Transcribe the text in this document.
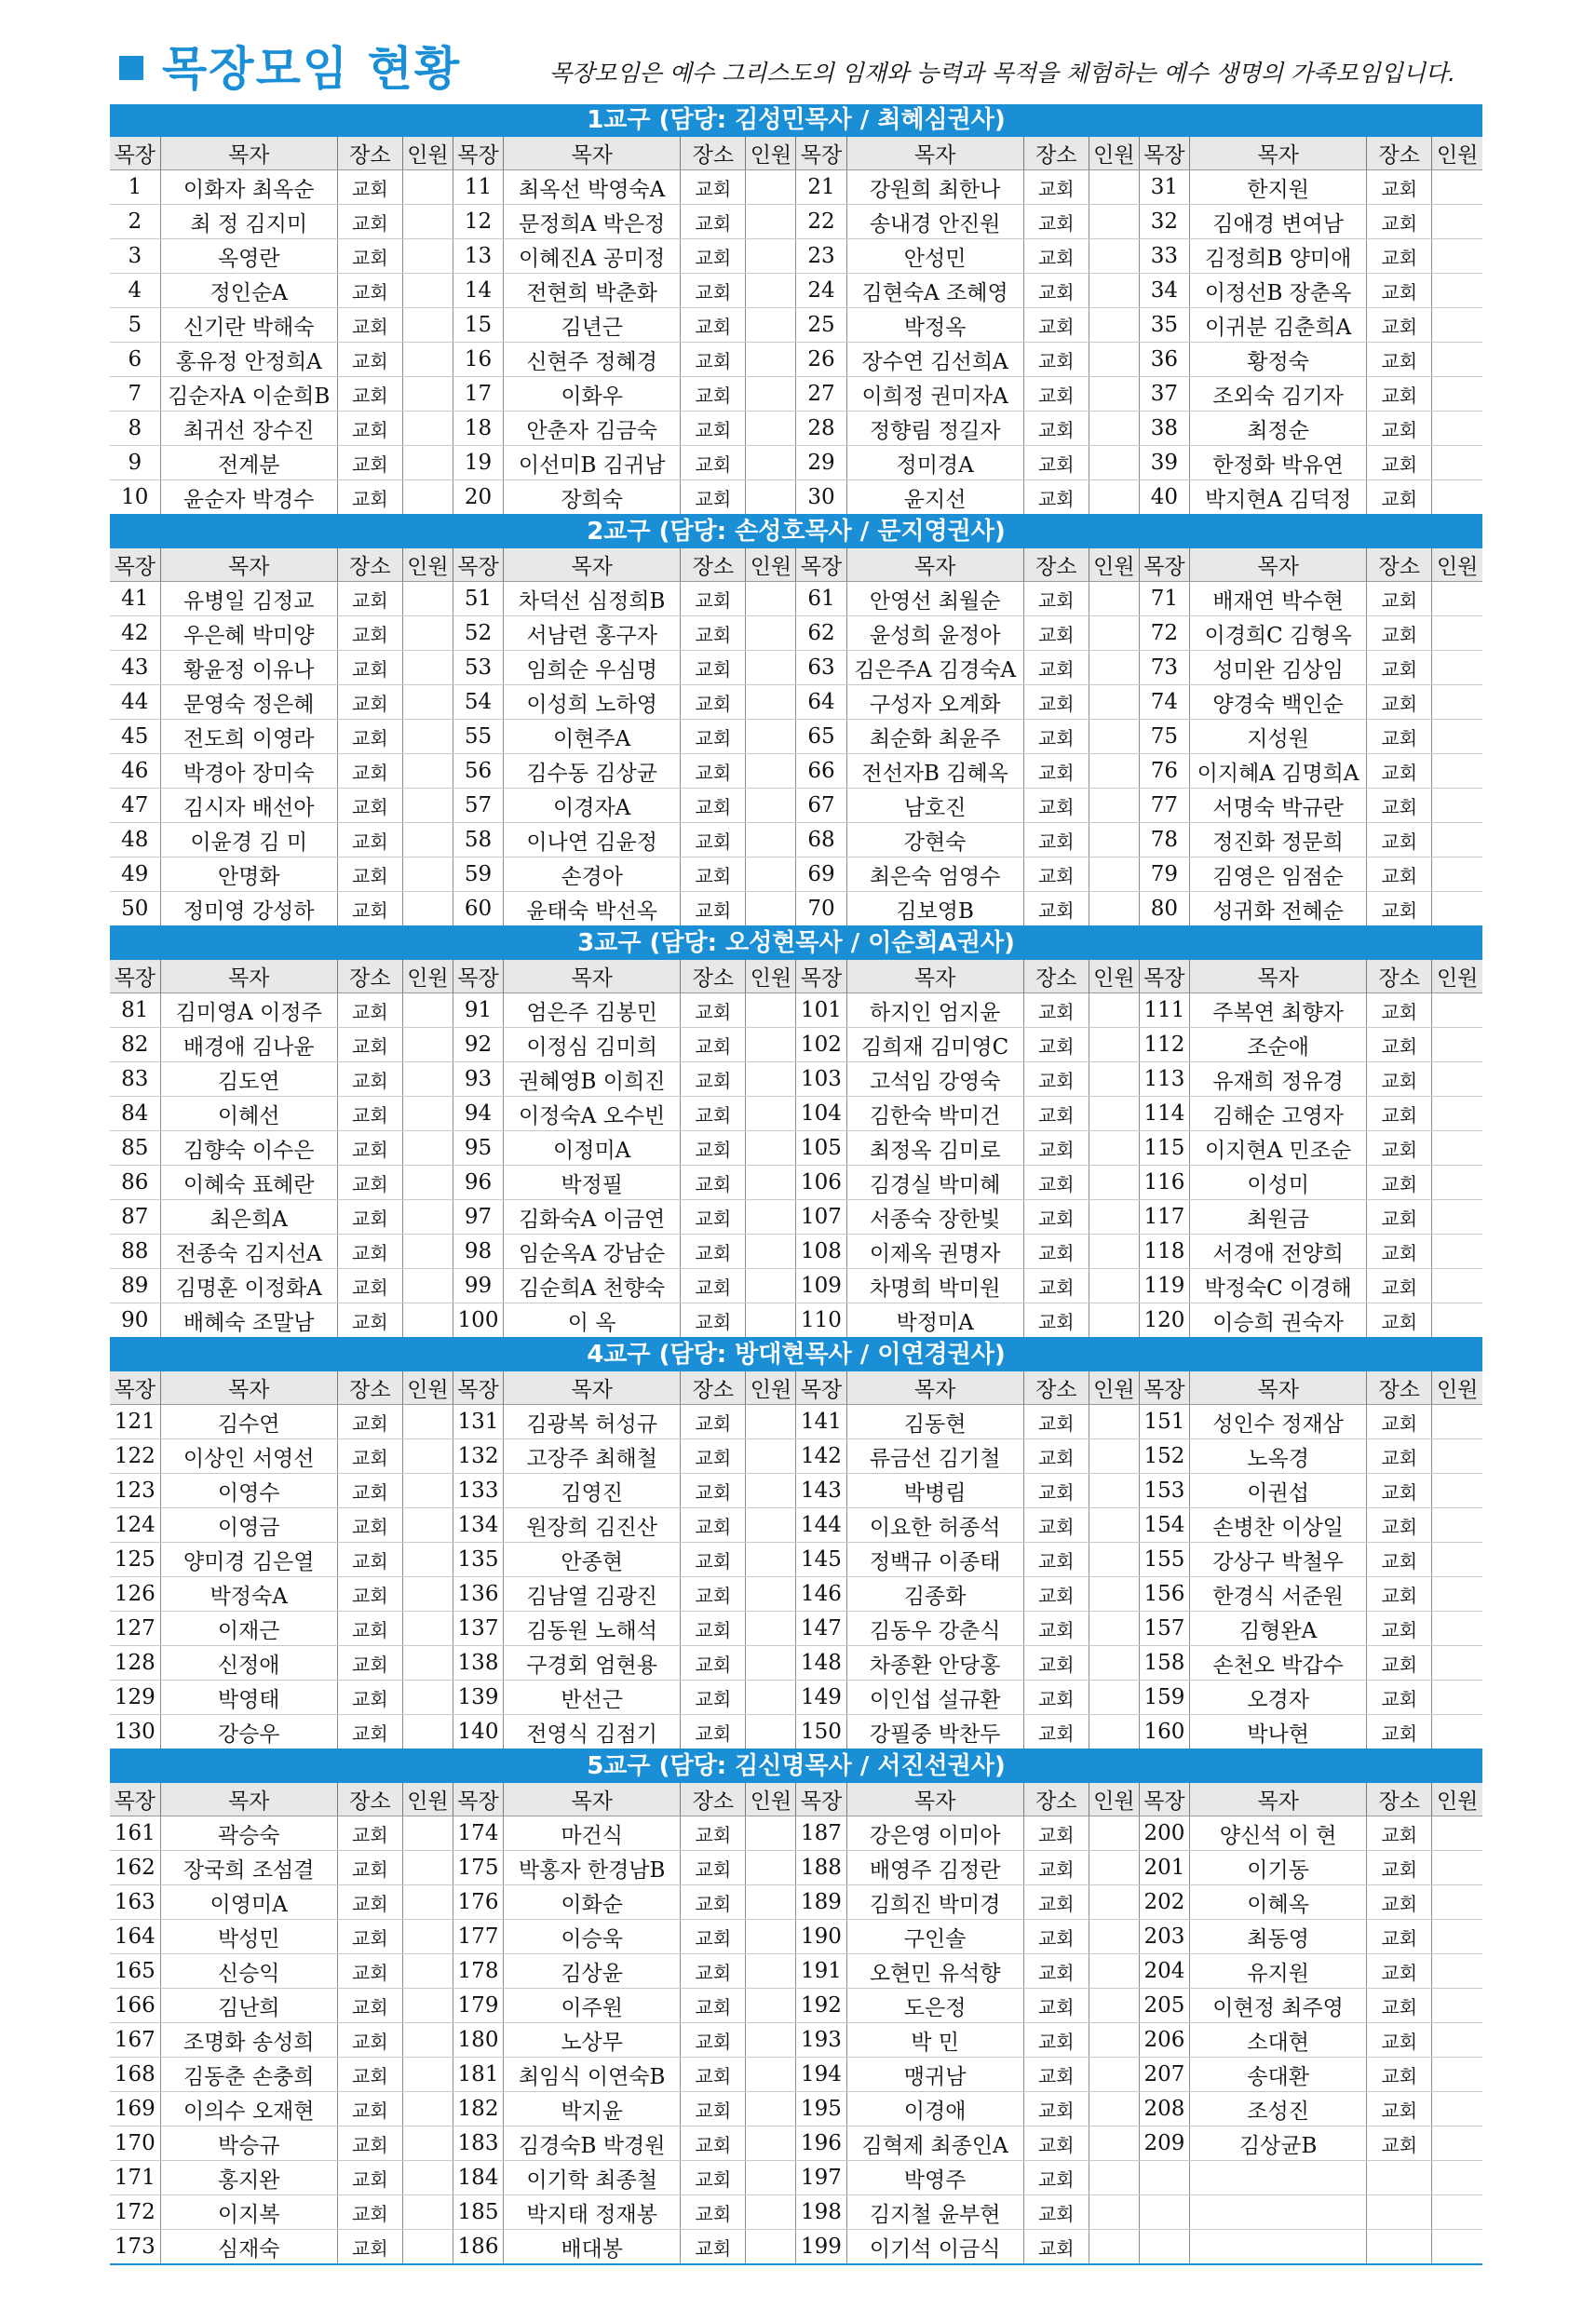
목장모임 현황	목장모임은 예수 그리스도의 임재와 능력과 목적을 체험하는 예수 생명의 가족모임입니다.
1교구 (담당: 김성민목사 / 최혜심권사)
목장	목자	장소	인원	목장	목자	장소	인원	목장	목자	장소	인원	목장	목자	장소	인원
1	이화자 최옥순	교회		11	최옥선 박영숙A	교회		21	강원희 최한나	교회		31	한지원	교회	
2	최 정 김지미	교회		12	문정희A 박은정	교회		22	송내경 안진원	교회		32	김애경 변여남	교회	
3	옥영란	교회		13	이혜진A 공미정	교회		23	안성민	교회		33	김정희B 양미애	교회	
4	정인순A	교회		14	전현희 박춘화	교회		24	김현숙A 조혜영	교회		34	이정선B 장춘옥	교회	
5	신기란 박해숙	교회		15	김년근	교회		25	박정옥	교회		35	이귀분 김춘희A	교회	
6	홍유정 안정희A	교회		16	신현주 정혜경	교회		26	장수연 김선희A	교회		36	황정숙	교회	
7	김순자A 이순희B	교회		17	이화우	교회		27	이희정 권미자A	교회		37	조외숙 김기자	교회	
8	최귀선 장수진	교회		18	안춘자 김금숙	교회		28	정향림 정길자	교회		38	최정순	교회	
9	전계분	교회		19	이선미B 김귀남	교회		29	정미경A	교회		39	한정화 박유연	교회	
10	윤순자 박경수	교회		20	장희숙	교회		30	윤지선	교회		40	박지현A 김덕정	교회	
2교구 (담당: 손성호목사 / 문지영권사)
목장	목자	장소	인원	목장	목자	장소	인원	목장	목자	장소	인원	목장	목자	장소	인원
41	유병일 김정교	교회		51	차덕선 심정희B	교회		61	안영선 최월순	교회		71	배재연 박수현	교회	
42	우은혜 박미양	교회		52	서남련 홍구자	교회		62	윤성희 윤정아	교회		72	이경희C 김형옥	교회	
43	황윤정 이유나	교회		53	임희순 우심명	교회		63	김은주A 김경숙A	교회		73	성미완 김상임	교회	
44	문영숙 정은혜	교회		54	이성희 노하영	교회		64	구성자 오계화	교회		74	양경숙 백인순	교회	
45	전도희 이영라	교회		55	이현주A	교회		65	최순화 최윤주	교회		75	지성원	교회	
46	박경아 장미숙	교회		56	김수동 김상균	교회		66	전선자B 김혜옥	교회		76	이지혜A 김명희A	교회	
47	김시자 배선아	교회		57	이경자A	교회		67	남호진	교회		77	서명숙 박규란	교회	
48	이윤경 김 미	교회		58	이나연 김윤정	교회		68	강현숙	교회		78	정진화 정문희	교회	
49	안명화	교회		59	손경아	교회		69	최은숙 엄영수	교회		79	김영은 임점순	교회	
50	정미영 강성하	교회		60	윤태숙 박선옥	교회		70	김보영B	교회		80	성귀화 전혜순	교회	
3교구 (담당: 오성현목사 / 이순희A권사)
목장	목자	장소	인원	목장	목자	장소	인원	목장	목자	장소	인원	목장	목자	장소	인원
81	김미영A 이정주	교회		91	엄은주 김봉민	교회		101	하지인 엄지윤	교회		111	주복연 최향자	교회	
82	배경애 김나윤	교회		92	이정심 김미희	교회		102	김희재 김미영C	교회		112	조순애	교회	
83	김도연	교회		93	권혜영B 이희진	교회		103	고석임 강영숙	교회		113	유재희 정유경	교회	
84	이혜선	교회		94	이정숙A 오수빈	교회		104	김한숙 박미건	교회		114	김해순 고영자	교회	
85	김향숙 이수은	교회		95	이정미A	교회		105	최정옥 김미로	교회		115	이지현A 민조순	교회	
86	이혜숙 표혜란	교회		96	박정필	교회		106	김경실 박미혜	교회		116	이성미	교회	
87	최은희A	교회		97	김화숙A 이금연	교회		107	서종숙 장한빛	교회		117	최원금	교회	
88	전종숙 김지선A	교회		98	임순옥A 강남순	교회		108	이제옥 권명자	교회		118	서경애 전양희	교회	
89	김명훈 이정화A	교회		99	김순희A 천향숙	교회		109	차명희 박미원	교회		119	박정숙C 이경해	교회	
90	배혜숙 조말남	교회		100	이 옥	교회		110	박정미A	교회		120	이승희 권숙자	교회	
4교구 (담당: 방대현목사 / 이연경권사)
목장	목자	장소	인원	목장	목자	장소	인원	목장	목자	장소	인원	목장	목자	장소	인원
121	김수연	교회		131	김광복 허성규	교회		141	김동현	교회		151	성인수 정재삼	교회	
122	이상인 서영선	교회		132	고장주 최해철	교회		142	류금선 김기철	교회		152	노옥경	교회	
123	이영수	교회		133	김영진	교회		143	박병림	교회		153	이권섭	교회	
124	이영금	교회		134	원장희 김진산	교회		144	이요한 허종석	교회		154	손병찬 이상일	교회	
125	양미경 김은열	교회		135	안종현	교회		145	정백규 이종태	교회		155	강상구 박철우	교회	
126	박정숙A	교회		136	김남열 김광진	교회		146	김종화	교회		156	한경식 서준원	교회	
127	이재근	교회		137	김동원 노해석	교회		147	김동우 강춘식	교회		157	김형완A	교회	
128	신정애	교회		138	구경회 엄현용	교회		148	차종환 안당홍	교회		158	손천오 박갑수	교회	
129	박영태	교회		139	반선근	교회		149	이인섭 설규환	교회		159	오경자	교회	
130	강승우	교회		140	전영식 김점기	교회		150	강필중 박찬두	교회		160	박나현	교회	
5교구 (담당: 김신명목사 / 서진선권사)
목장	목자	장소	인원	목장	목자	장소	인원	목장	목자	장소	인원	목장	목자	장소	인원
161	곽승숙	교회		174	마건식	교회		187	강은영 이미아	교회		200	양신석 이 현	교회	
162	장국희 조섬결	교회		175	박홍자 한경남B	교회		188	배영주 김정란	교회		201	이기동	교회	
163	이영미A	교회		176	이화순	교회		189	김희진 박미경	교회		202	이혜옥	교회	
164	박성민	교회		177	이승욱	교회		190	구인솔	교회		203	최동영	교회	
165	신승익	교회		178	김상윤	교회		191	오현민 유석향	교회		204	유지원	교회	
166	김난희	교회		179	이주원	교회		192	도은정	교회		205	이현정 최주영	교회	
167	조명화 송성희	교회		180	노상무	교회		193	박 민	교회		206	소대현	교회	
168	김동춘 손충희	교회		181	최임식 이연숙B	교회		194	맹귀남	교회		207	송대환	교회	
169	이의수 오재현	교회		182	박지윤	교회		195	이경애	교회		208	조성진	교회	
170	박승규	교회		183	김경숙B 박경원	교회		196	김혁제 최종인A	교회		209	김상균B	교회	
171	홍지완	교회		184	이기학 최종철	교회		197	박영주	교회					
172	이지복	교회		185	박지태 정재봉	교회		198	김지철 윤부현	교회					
173	심재숙	교회		186	배대봉	교회		199	이기석 이금식	교회					
